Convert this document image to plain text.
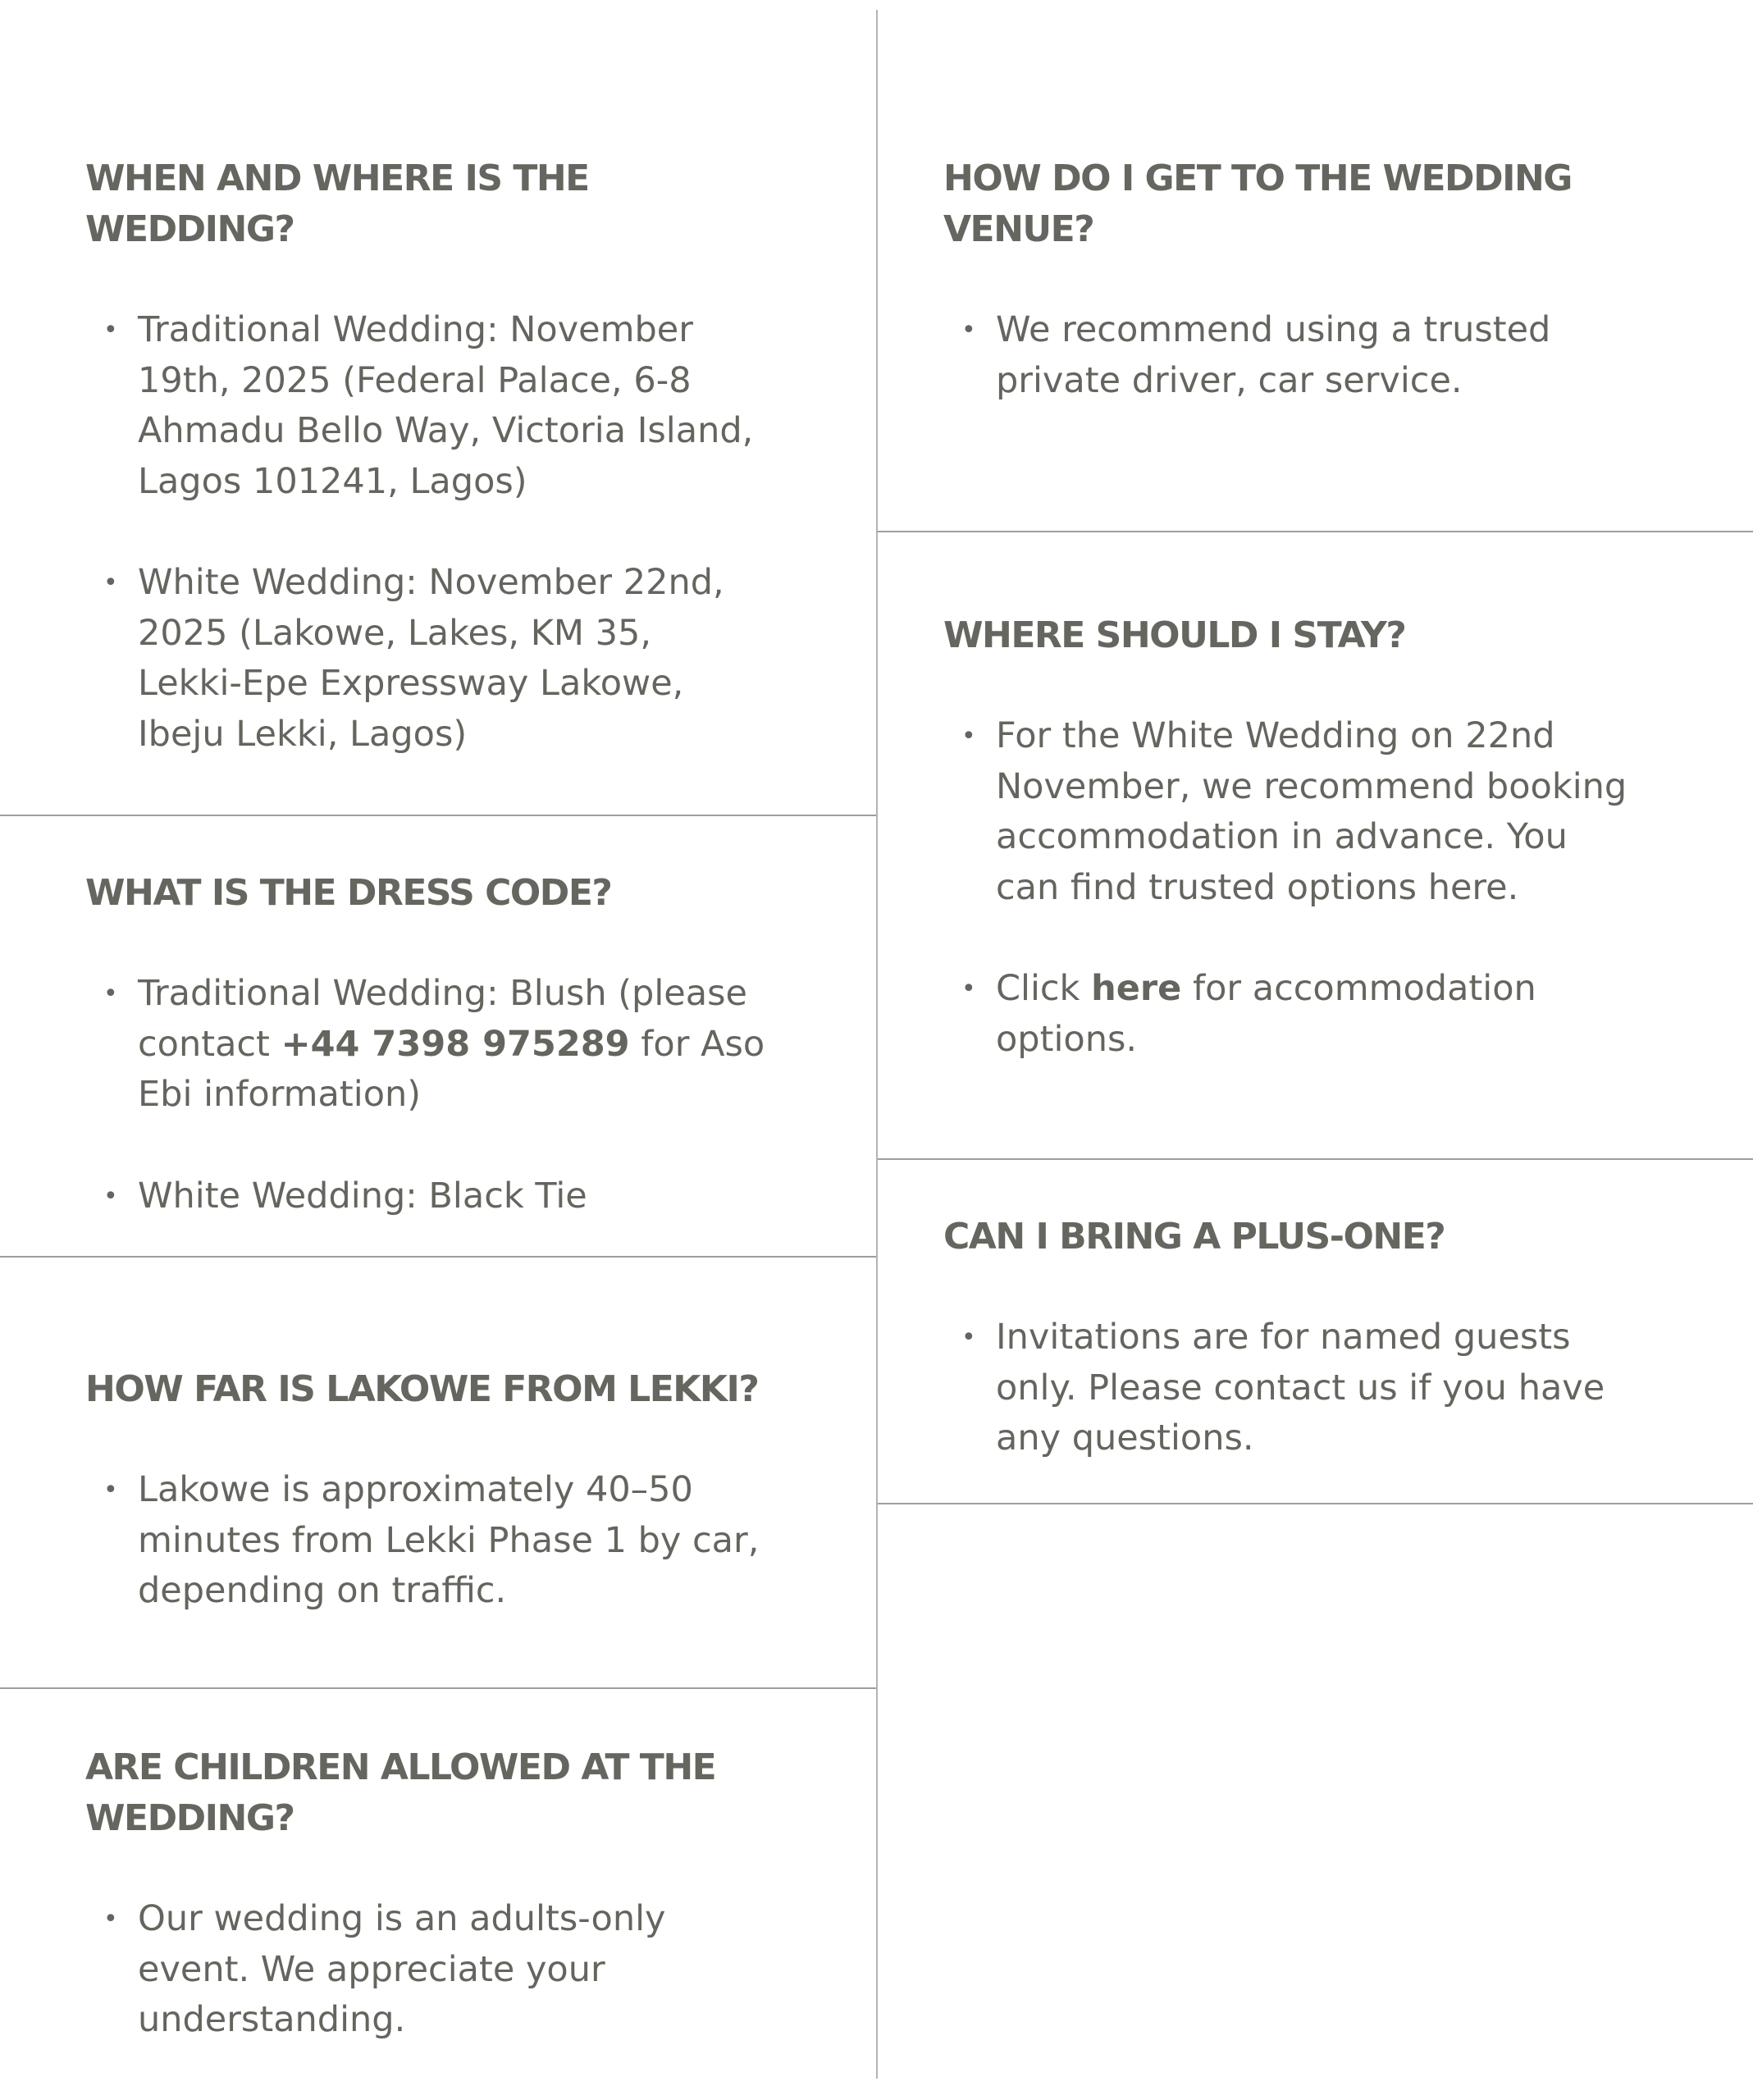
WHEN AND WHERE IS THE WEDDING?
• Traditional Wedding: November 19th, 2025 (Federal Palace, 6-8 Ahmadu Bello Way, Victoria Island, Lagos 101241, Lagos)
• White Wedding: November 22nd, 2025 (Lakowe, Lakes, KM 35, Lekki-Epe Expressway Lakowe, Ibeju Lekki, Lagos)
WHAT IS THE DRESS CODE?
• Traditional Wedding: Blush (please contact +44 7398 975289 for Aso Ebi information)
• White Wedding: Black Tie
HOW FAR IS LAKOWE FROM LEKKI?
• Lakowe is approximately 40–50 minutes from Lekki Phase 1 by car, depending on traffic.
ARE CHILDREN ALLOWED AT THE WEDDING?
• Our wedding is an adults-only event. We appreciate your understanding.
HOW DO I GET TO THE WEDDING VENUE?
• We recommend using a trusted private driver, car service.
WHERE SHOULD I STAY?
• For the White Wedding on 22nd November, we recommend booking accommodation in advance. You can find trusted options here.
• Click here for accommodation options.
CAN I BRING A PLUS-ONE?
• Invitations are for named guests only. Please contact us if you have any questions.
